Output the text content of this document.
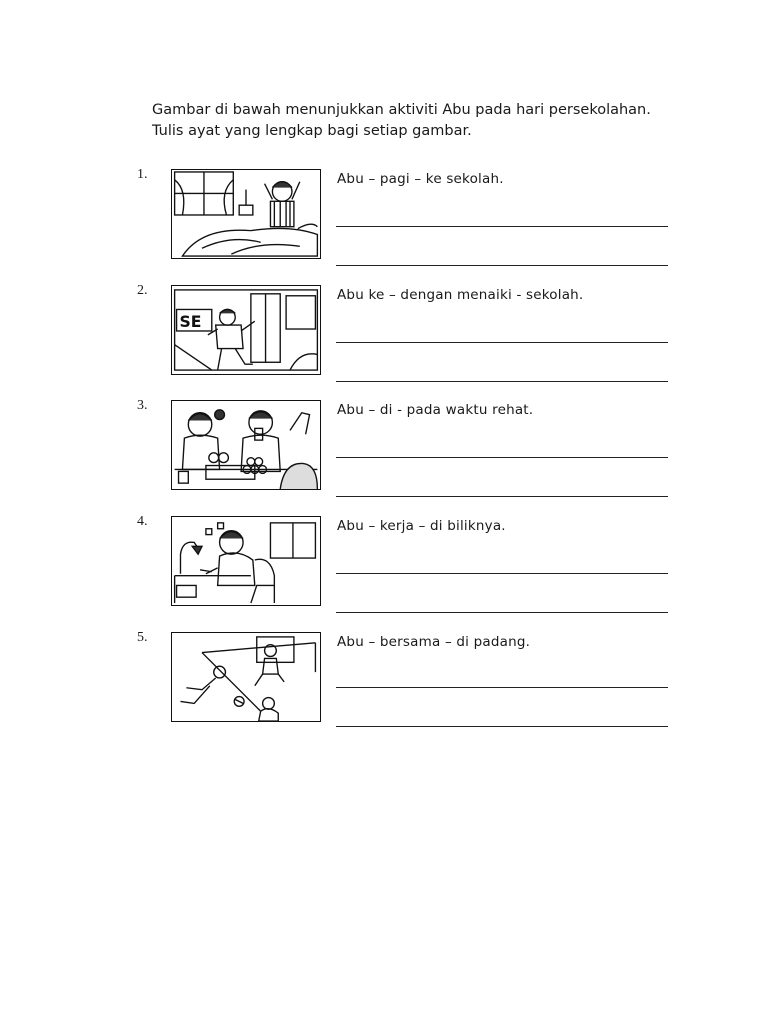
Gambar di bawah menunjukkan aktiviti Abu pada hari persekolahan.

Tulis ayat yang lengkap bagi setiap gambar.

1.	Abu – pagi – ke sekolah.
2.
SE
Abu ke – dengan menaiki - sekolah.
3.	Abu – di - pada waktu rehat.
4.	Abu – kerja – di biliknya.
5.	Abu – bersama – di padang.
